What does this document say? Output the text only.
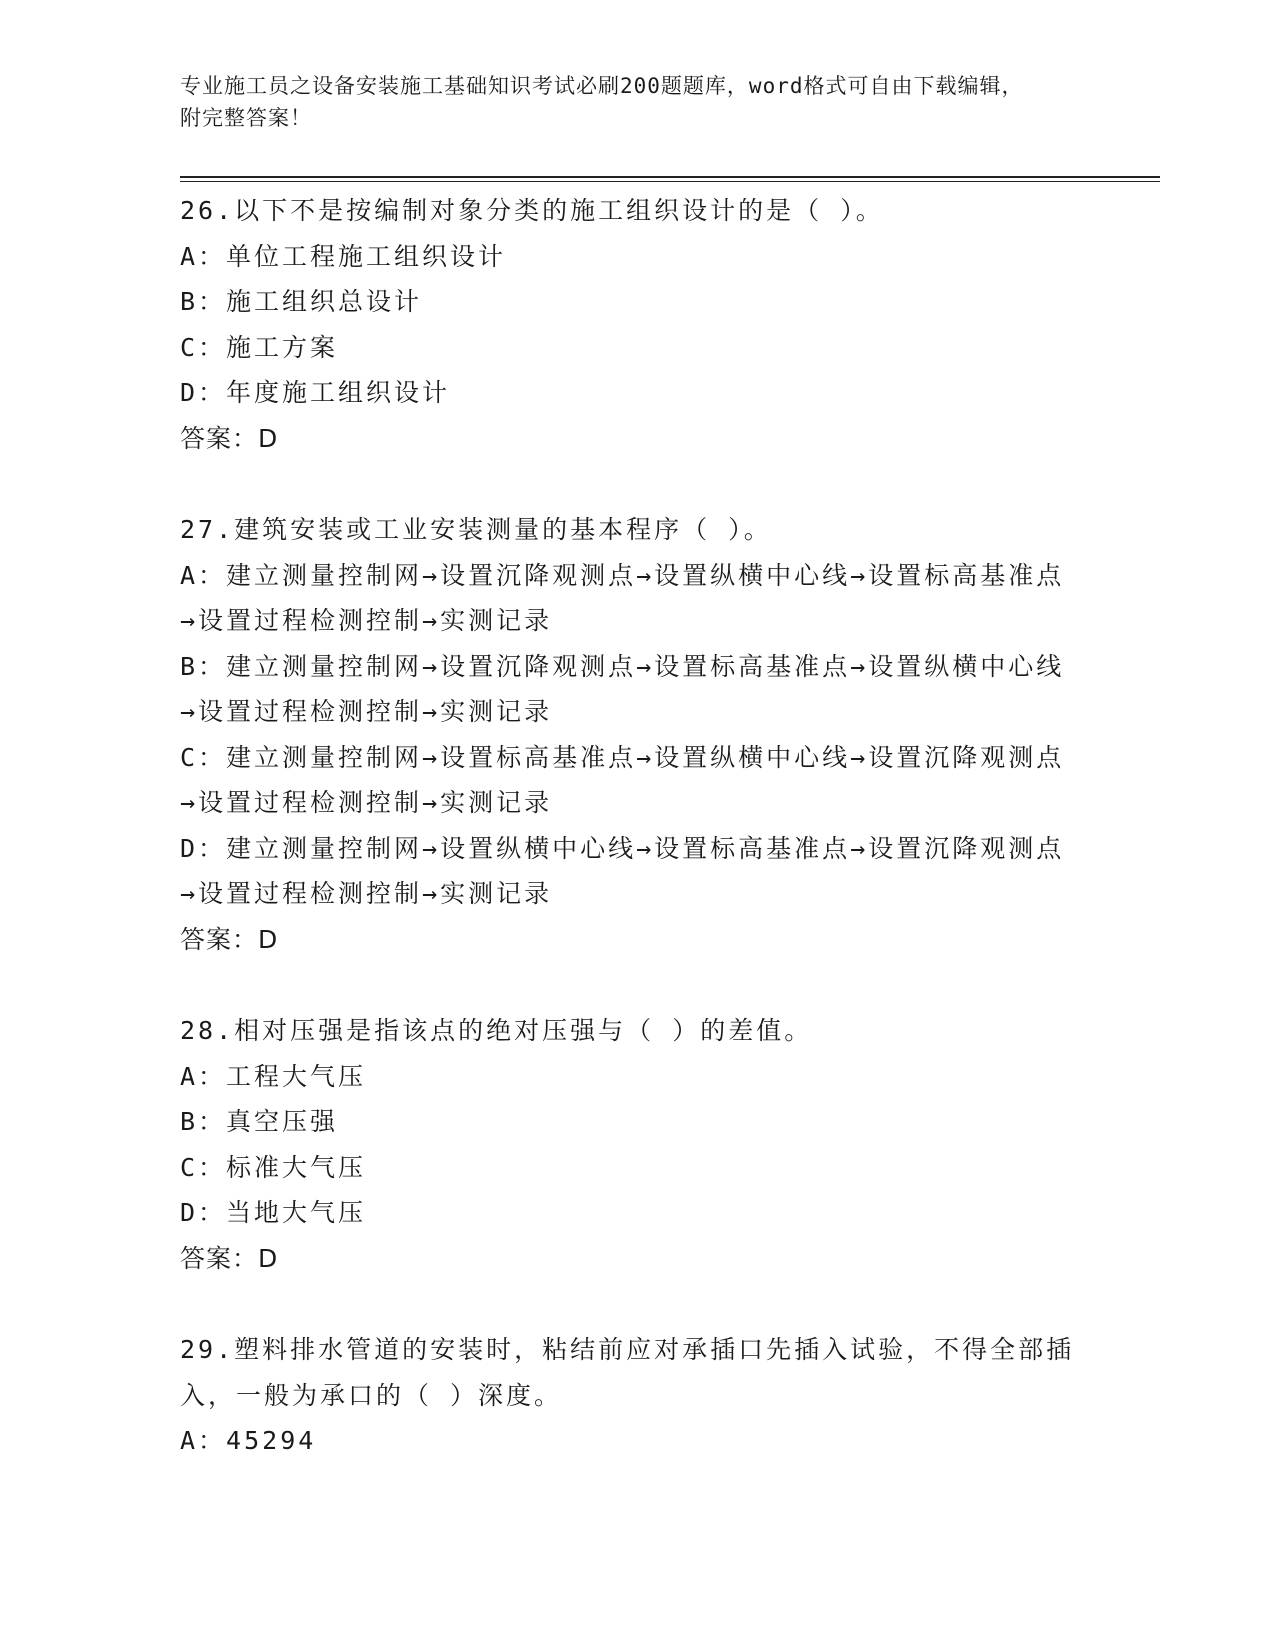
专业施工员之设备安装施工基础知识考试必刷200题题库，word格式可自由下载编辑，附完整答案！

26.以下不是按编制对象分类的施工组织设计的是（ ）。

A：单位工程施工组织设计

B：施工组织总设计

C：施工方案

D：年度施工组织设计

答案：D

27.建筑安装或工业安装测量的基本程序（ ）。

A：建立测量控制网→设置沉降观测点→设置纵横中心线→设置标高基准点→设置过程检测控制→实测记录

B：建立测量控制网→设置沉降观测点→设置标高基准点→设置纵横中心线→设置过程检测控制→实测记录

C：建立测量控制网→设置标高基准点→设置纵横中心线→设置沉降观测点→设置过程检测控制→实测记录

D：建立测量控制网→设置纵横中心线→设置标高基准点→设置沉降观测点→设置过程检测控制→实测记录

答案：D

28.相对压强是指该点的绝对压强与（ ）的差值。

A：工程大气压

B：真空压强

C：标准大气压

D：当地大气压

答案：D

29.塑料排水管道的安装时，粘结前应对承插口先插入试验，不得全部插入，一般为承口的（ ）深度。

A：45294
